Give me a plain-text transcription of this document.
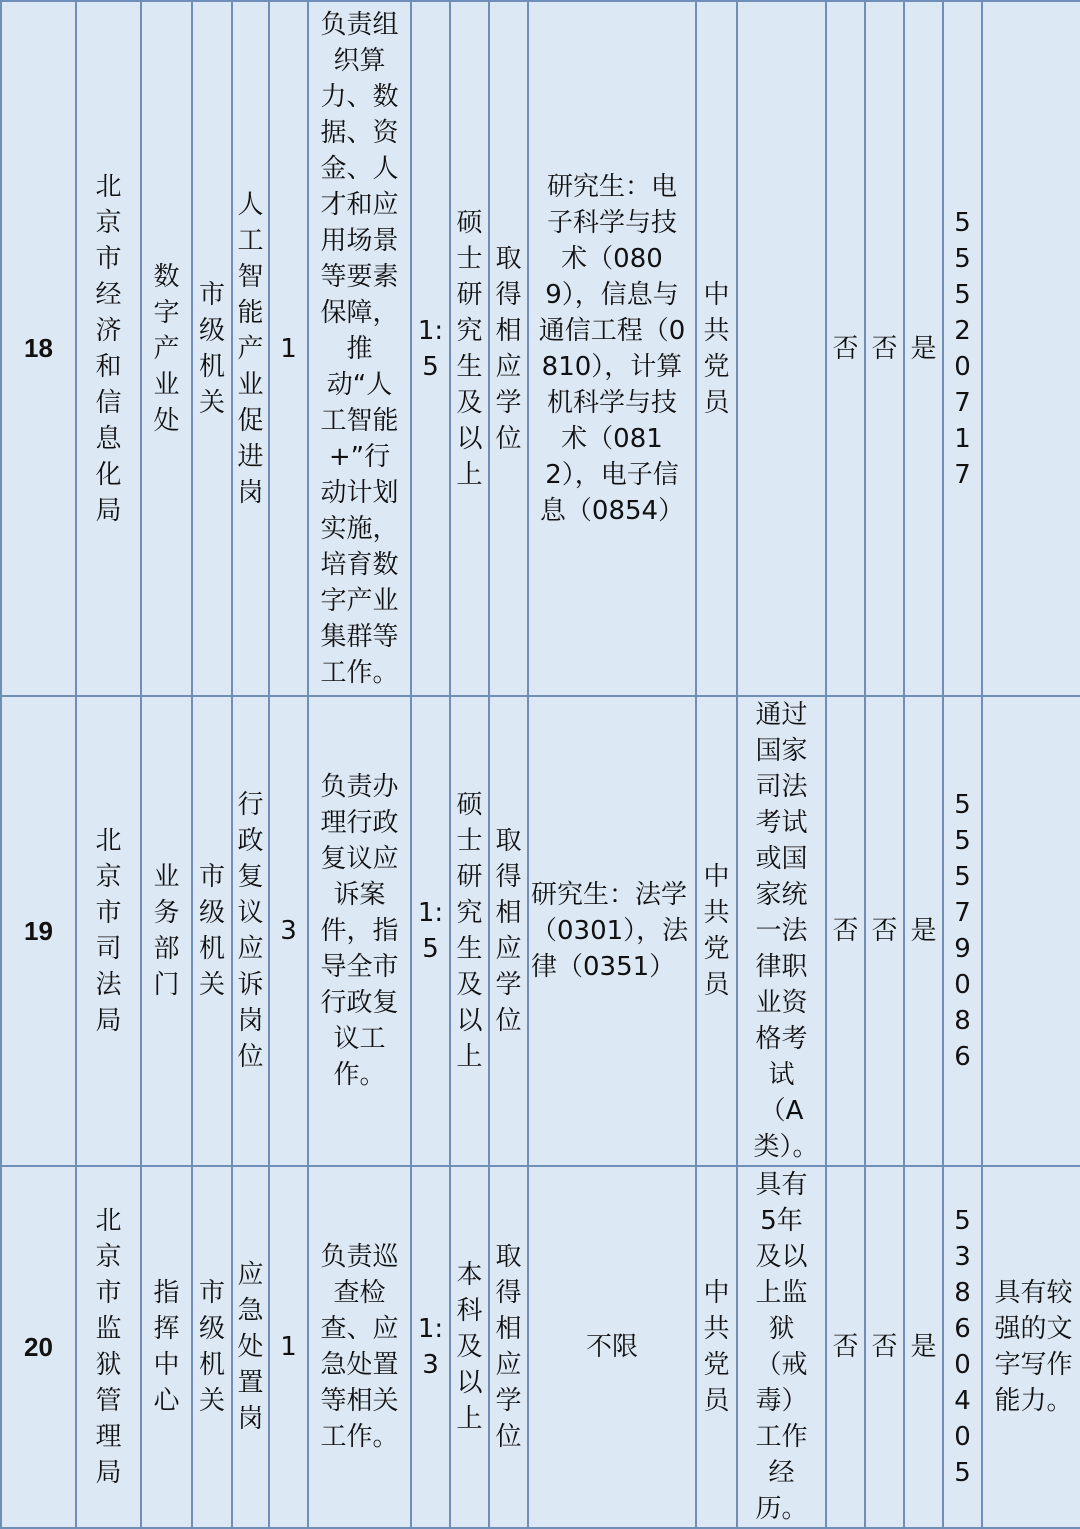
18	北京市经济和信息化局	数字产业处	市级机关	人工智能产业促进岗	1	负责组织算力、数据、资金、人才和应用场景等要素保障，推动“人工智能+”行动计划实施，培育数字产业集群等工作。	1:5	硕士研究生及以上	取得相应学位	研究生：电子科学与技术（0809），信息与通信工程（0810），计算机科学与技术（0812），电子信息（0854）	中共党员		否	否	是	55520717	

19	北京市司法局	业务部门	市级机关	行政复议应诉岗位	3	负责办理行政复议应诉案件，指导全市行政复议工作。	1:5	硕士研究生及以上	取得相应学位	研究生：法学（0301），法律（0351）	中共党员	通过国家司法考试或国家统一法律职业资格考试（A类）。	否	否	是	55579086	

20	北京市监狱管理局	指挥中心	市级机关	应急处置岗	1	负责巡查检查、应急处置等相关工作。	1:3	本科及以上	取得相应学位	不限	中共党员	具有5年及以上监狱（戒毒）工作经历。	否	否	是	53860405	具有较强的文字写作能力。
